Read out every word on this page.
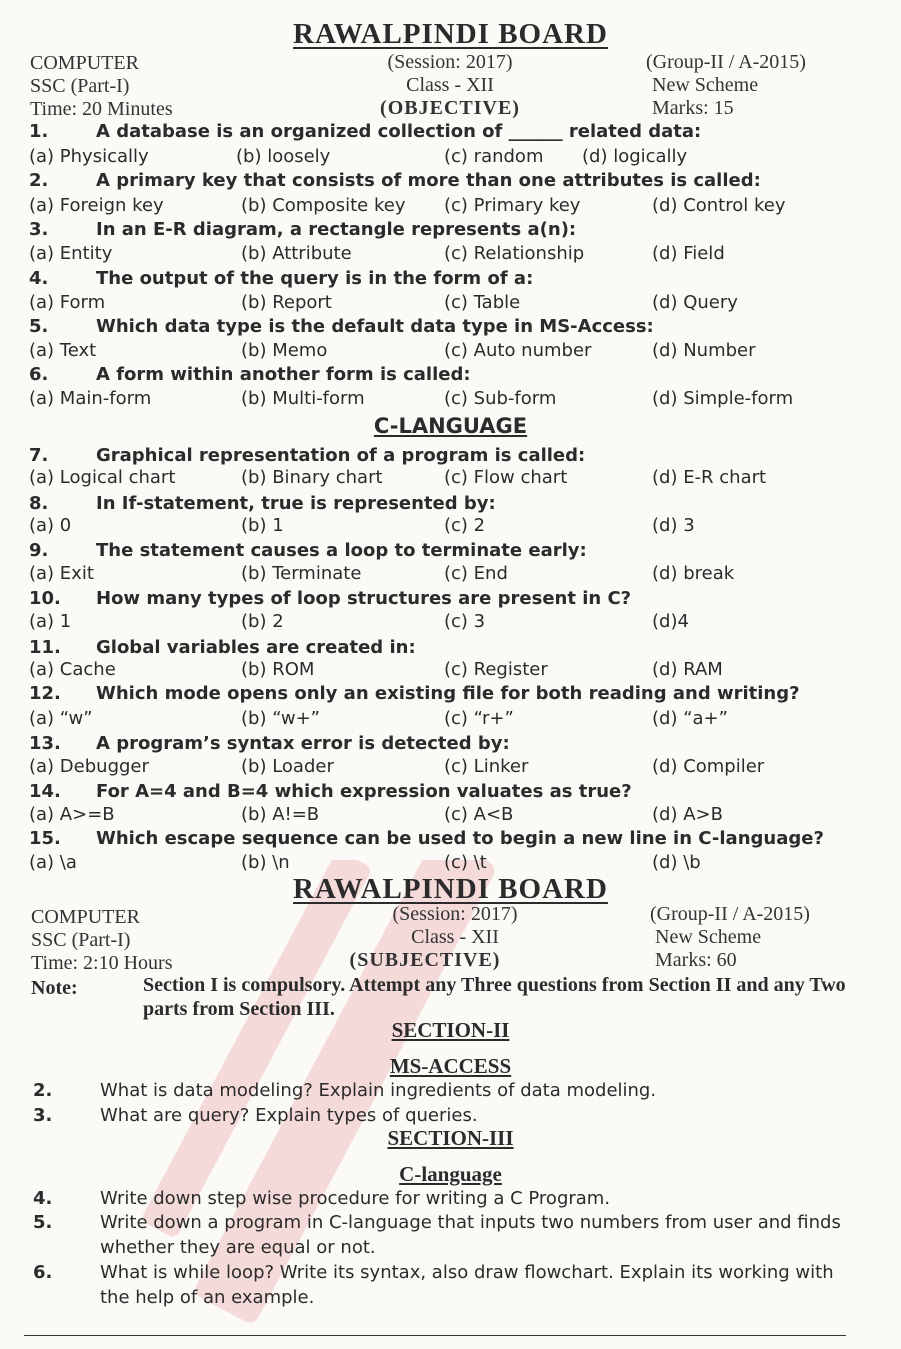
RAWALPINDI BOARD
COMPUTER
SSC (Part-I)
Time: 20 Minutes
(Session: 2017)
Class - XII
(OBJECTIVE)
(Group-II / A-2015)
New Scheme
Marks: 15
1.	A database is an organized collection of ______ related data:
(a) Physically	(b) loosely	(c) random (d) logically
2.	A primary key that consists of more than one attributes is called:
(a) Foreign key	(b) Composite key (c) Primary key	(d) Control key
3.	In an E-R diagram, a rectangle represents a(n):
(a) Entity	(b) Attribute	(c) Relationship	(d) Field
4.	The output of the query is in the form of a:
(a) Form	(b) Report	(c) Table	(d) Query
5.	Which data type is the default data type in MS-Access:
(a) Text	(b) Memo	(c) Auto number	(d) Number
6.	A form within another form is called:
(a) Main-form	(b) Multi-form	(c) Sub-form	(d) Simple-form
7.	Graphical representation of a program is called:
(a) Logical chart	(b) Binary chart	(c) Flow chart	(d) E-R chart
8.	In If-statement, true is represented by:
(a) 0	(b) 1	(c) 2	(d) 3
9.	The statement causes a loop to terminate early:
(a) Exit	(b) Terminate	(c) End	(d) break
10. How many types of loop structures are present in C?
(a) 1	(b) 2	(c) 3	(d)4
11. Global variables are created in:
(a) Cache	(b) ROM	(c) Register	(d) RAM
12. Which mode opens only an existing file for both reading and writing?
(a) “w”	(b) “w+”	(c) “r+”	(d) “a+”
13. A program’s syntax error is detected by:
(a) Debugger	(b) Loader	(c) Linker	(d) Compiler
14. For A=4 and B=4 which expression valuates as true?
(a) A>=B	(b) A!=B	(c) A<B	(d) A>B
15. Which escape sequence can be used to begin a new line in C-language?
(a) \a	(b) \n	(c) \t	(d) \b
C-LANGUAGE
RAWALPINDI BOARD
COMPUTER
SSC (Part-I)
Time: 2:10 Hours
(Session: 2017)
Class - XII
(SUBJECTIVE)
(Group-II / A-2015)
New Scheme
Marks: 60
Note:	Section I is compulsory. Attempt any Three questions from Section II and any Two parts from Section III.
SECTION-II
MS-ACCESS
2.	What is data modeling? Explain ingredients of data modeling.
3.	What are query? Explain types of queries.
SECTION-III
C-language
4.	Write down step wise procedure for writing a C Program.
5.	Write down a program in C-language that inputs two numbers from user and finds
whether they are equal or not.
6.	What is while loop? Write its syntax, also draw flowchart. Explain its working with
the help of an example.
